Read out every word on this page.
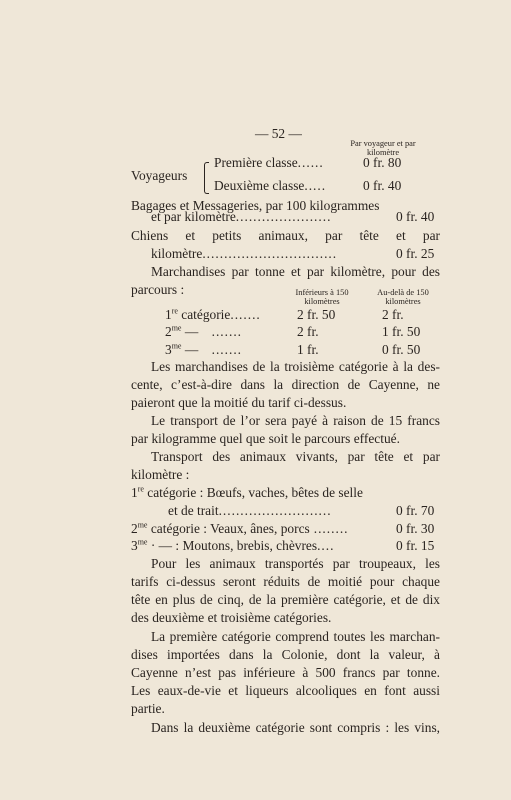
— 52 —
Par voyageur et par kilomètre
Voyageurs
Première classe......	0 fr. 80
Deuxième classe.....	0 fr. 40
Bagages et Messageries, par 100 kilogrammes
et par kilomètre......................	0 fr. 40
Chiens et petits animaux, par tête et par
kilomètre...............................	0 fr. 25
Marchandises par tonne et par kilomètre, pour des
parcours :	Inférieurs à 150 kilomètres
Au-delà de 150 kilomètres
1re catégorie.......	2 fr. 50	2 fr.
$2^{me}$ — .......	2 fr.	1 fr. 50
$3^{me}$ — .......	1 fr.	0 fr. 50
Les marchandises de la troisième catégorie à la des-
cente, c’est-à-dire dans la direction de Cayenne, ne
paieront que la moitié du tarif ci-dessus.
Le transport de l’or sera payé à raison de 15 francs
par kilogramme quel que soit le parcours effectué.
Transport des animaux vivants, par tête et par
kilomètre :
1re catégorie : Bœufs, vaches, bêtes de selle
et de trait..........................	0 fr. 70
$2^{me}$ catégorie : Veaux, ânes, porcs ........	0 fr. 30
$3^{me}$ · — : Moutons, brebis, chèvres....	0 fr. 15
Pour les animaux transportés par troupeaux, les
tarifs ci-dessus seront réduits de moitié pour chaque
tête en plus de cinq, de la première catégorie, et de dix
des deuxième et troisième catégories.
La première catégorie comprend toutes les marchan-
dises importées dans la Colonie, dont la valeur, à
Cayenne n’est pas inférieure à 500 francs par tonne.
Les eaux-de-vie et liqueurs alcooliques en font aussi
partie.
Dans la deuxième catégorie sont compris : les vins,
